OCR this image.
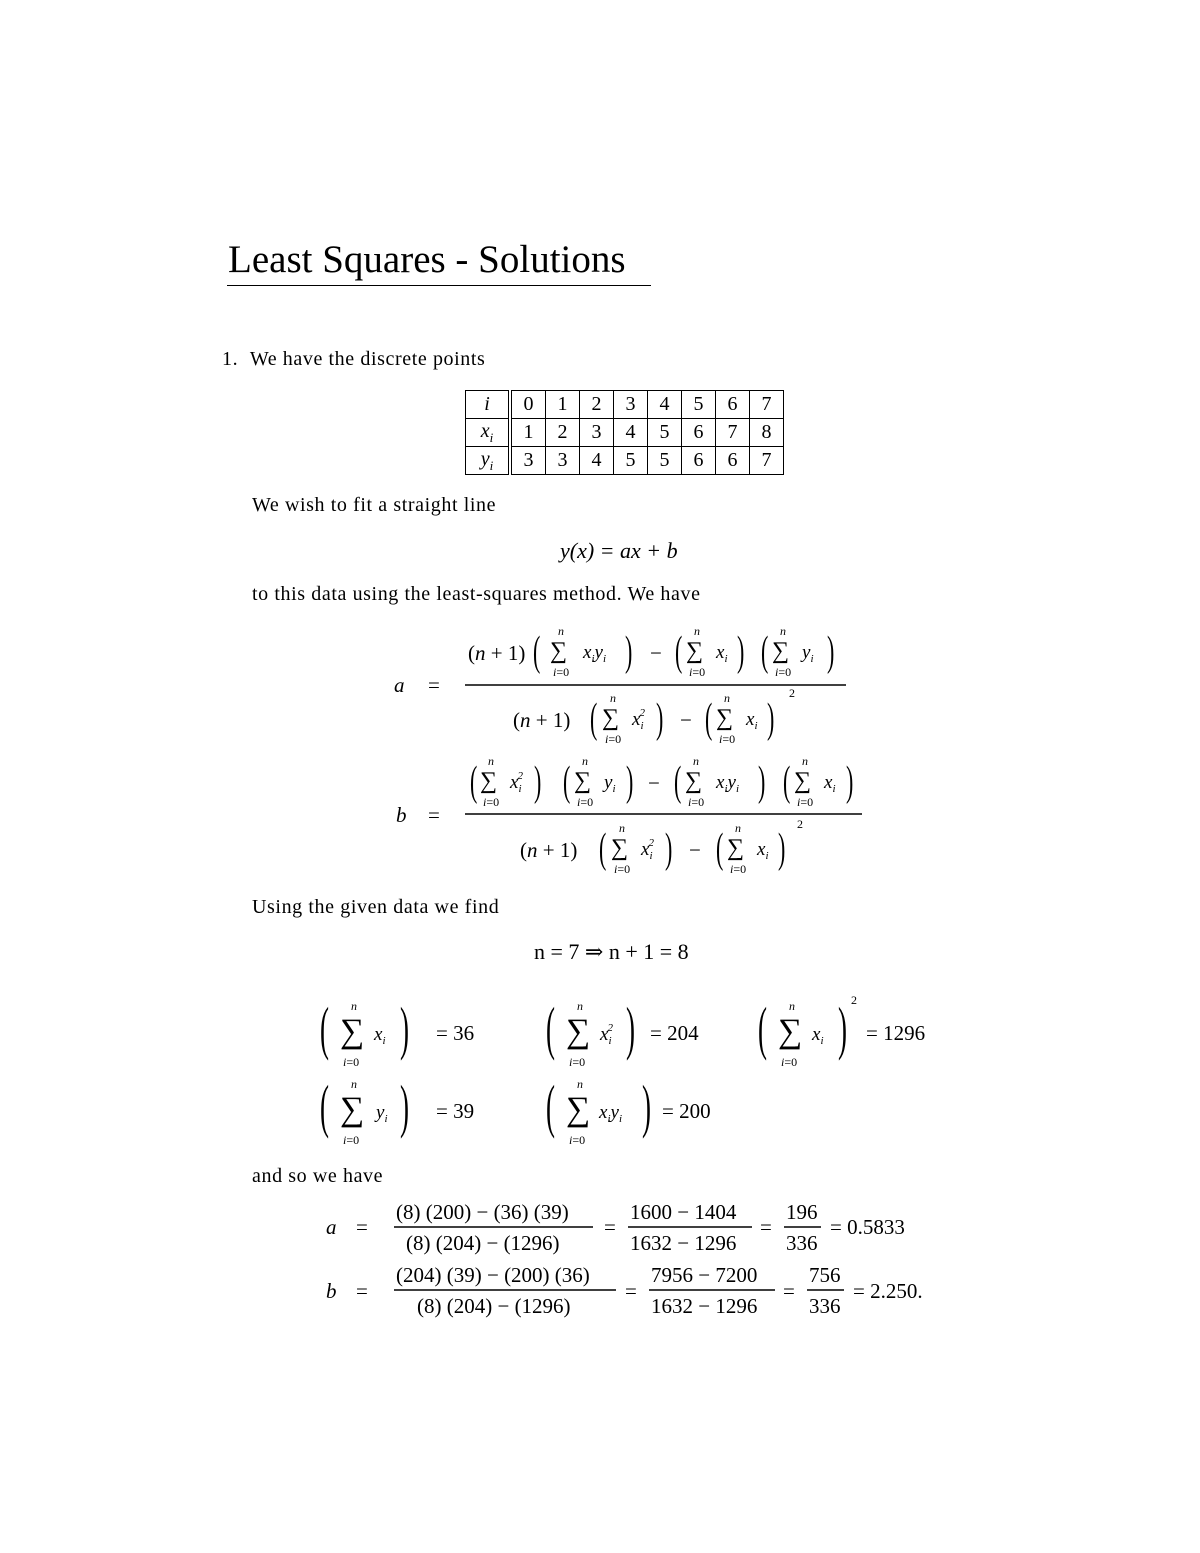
Least Squares - Solutions
1. We have the discrete points
i	0	1	2	3	4	5	6	7
$x_i$	1	2	3	4	5	6	7	8
$y_i$	3	3	4	5	5	6	6	7
We wish to fit a straight line
y(x) = ax + b
to this data using the least-squares method. We have
a =
(n + 1) ( ∑
n
i=0
$x_iy_i$ ) − ( ∑
n
i=0
$x_i$ ) ( ∑
n
i=0
$y_i$ )
(n + 1) ( ∑
n
i=0
$x_i2$ ) − ( ∑
n
i=0
$x_i$ )
2
b =
( ∑
n
i=0
$x_i2$ ) ( ∑
n
i=0
$y_i$ ) − ( ∑
n
i=0
$x_iy_i$ ) ( ∑
n
i=0
$x_i$ )
(n + 1) ( ∑
n
i=0
$x_i2$ ) − ( ∑
n
i=0
$x_i$ )
2
Using the given data we find
n = 7 ⇒ n + 1 = 8
( ∑
n
i=0
$x_i$ ) = 36 ( ∑
n
i=0
$x_i2$ ) = 204 ( ∑
n
i=0
$x_i$ ) 2
= 1296
( ∑
n
i=0
$y_i$ ) = 39 ( ∑
n
i=0
$x_iy_i$ ) = 200
and so we have
a =
(8) (200) − (36) (39)
(8) (204) − (1296)
=
1600 − 1404
1632 − 1296
=
196
336
= 0.5833
b =
(204) (39) − (200) (36)
(8) (204) − (1296)
=
7956 − 7200
1632 − 1296
=
756
336
= 2.250.
